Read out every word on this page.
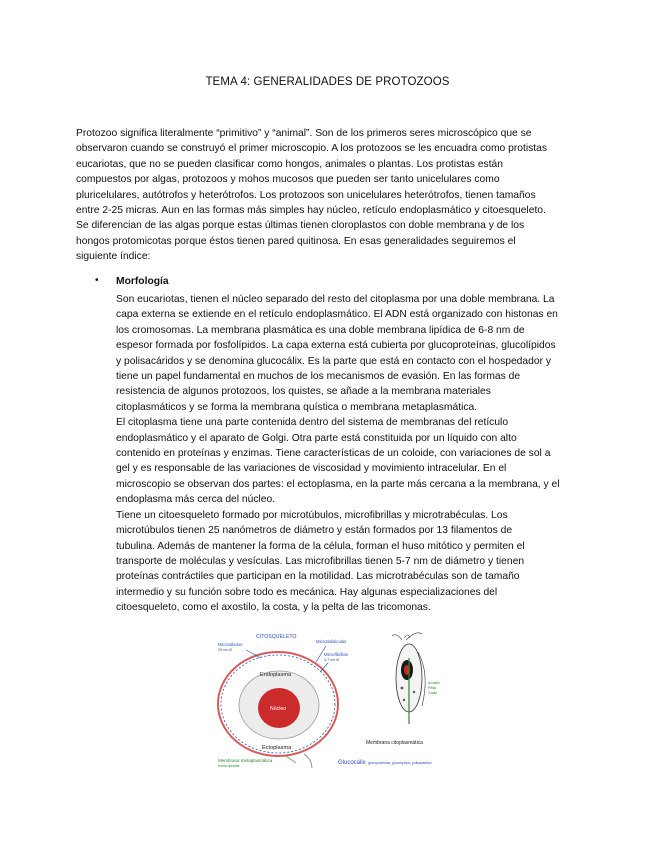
TEMA 4: GENERALIDADES DE PROTOZOOS
Protozoo significa literalmente “primitivo” y “animal”. Son de los primeros seres microscópico que se
observaron cuando se construyó el primer microscopio. A los protozoos se les encuadra como protistas
eucariotas, que no se pueden clasificar como hongos, animales o plantas. Los protistas están
compuestos por algas, protozoos y mohos mucosos que pueden ser tanto unicelulares como
pluricelulares, autótrofos y heterótrofos. Los protozoos son unicelulares heterótrofos, tienen tamaños
entre 2-25 micras. Aun en las formas más simples hay núcleo, retículo endoplasmático y citoesqueleto.
Se diferencian de las algas porque estas últimas tienen cloroplastos con doble membrana y de los
hongos protomicotas porque éstos tienen pared quitinosa. En esas generalidades seguiremos el
siguiente índice:
• Morfología
Son eucariotas, tienen el núcleo separado del resto del citoplasma por una doble membrana. La
capa externa se extiende en el retículo endoplasmático. El ADN está organizado con histonas en
los cromosomas. La membrana plasmática es una doble membrana lipídica de 6-8 nm de
espesor formada por fosfolípidos. La capa externa está cubierta por glucoproteínas, glucolípidos
y polisacáridos y se denomina glucocálix. Es la parte que está en contacto con el hospedador y
tiene un papel fundamental en muchos de los mecanismos de evasión. En las formas de
resistencia de algunos protozoos, los quistes, se añade a la membrana materiales
citoplasmáticos y se forma la membrana quística o membrana metaplasmática.
El citoplasma tiene una parte contenida dentro del sistema de membranas del retículo
endoplasmático y el aparato de Golgi. Otra parte está constituida por un líquido con alto
contenido en proteínas y enzimas. Tiene características de un coloide, con variaciones de sol a
gel y es responsable de las variaciones de viscosidad y movimiento intracelular. En el
microscopio se observan dos partes: el ectoplasma, en la parte más cercana a la membrana, y el
endoplasma más cerca del núcleo.
Tiene un citoesqueleto formado por microtúbulos, microfibrillas y microtrabéculas. Los
microtúbulos tienen 25 nanómetros de diámetro y están formados por 13 filamentos de
tubulina. Además de mantener la forma de la célula, forman el huso mitótico y permiten el
transporte de moléculas y vesículas. Las microfibrillas tienen 5-7 nm de diámetro y tienen
proteínas contráctiles que participan en la motilidad. Las microtrabéculas son de tamaño
intermedio y su función sobre todo es mecánica. Hay algunas especializaciones del
citoesqueleto, como el axostilo, la costa, y la pelta de las tricomonas.
CITOSQUELETO
Microtúbulos
25 nm Ø
Microtrabéculas
Microfibrillas
5-7 nm Ø
Endoplasma
Núcleo
Ectoplasma
Membrana metaplasmática
forma quística	Glucocálix glucoproteínas, glucolípidos, polisacáridos
Membrana citoplasmática
Axostilo
Pelta
Costa
